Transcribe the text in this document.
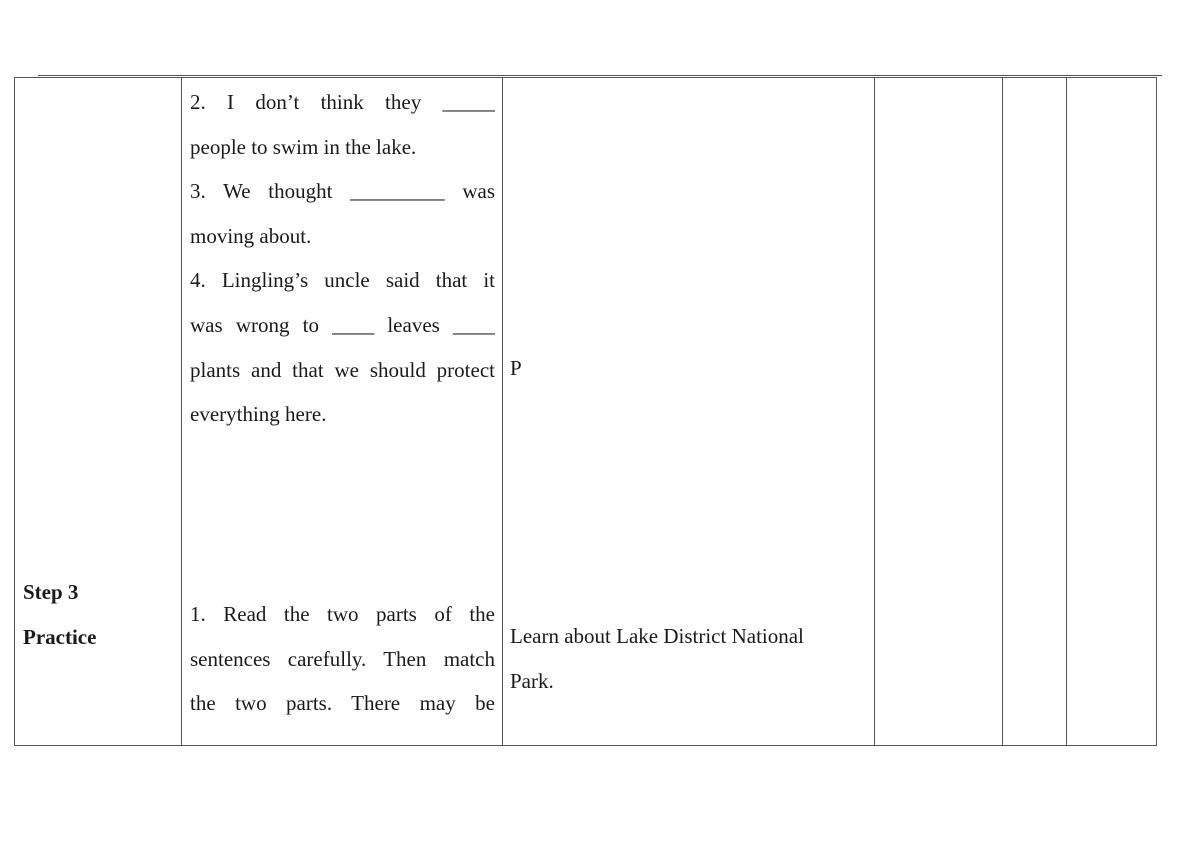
Step 3
Practice
2. I don’t think they _____
people to swim in the lake.
3. We thought _________ was
moving about.
4. Lingling’s uncle said that it
was wrong to ____ leaves ____
plants and that we should protect
everything here.
1. Read the two parts of the
sentences carefully. Then match
the two parts. There may be
P
Learn about Lake District National
Park.
